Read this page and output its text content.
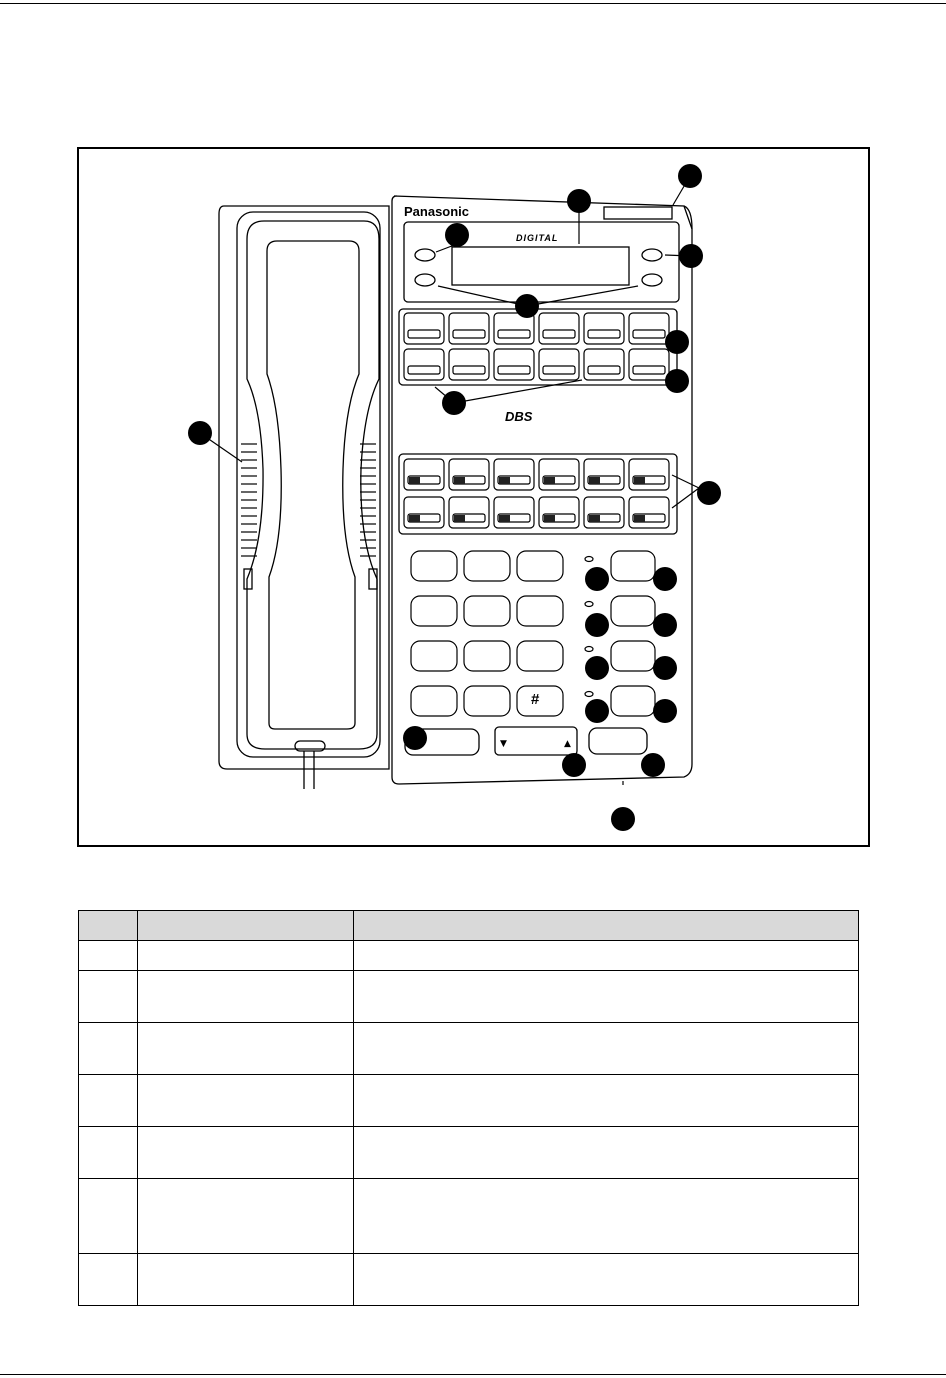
Panasonic
DIGITAL
DBS
#
▼	▲
